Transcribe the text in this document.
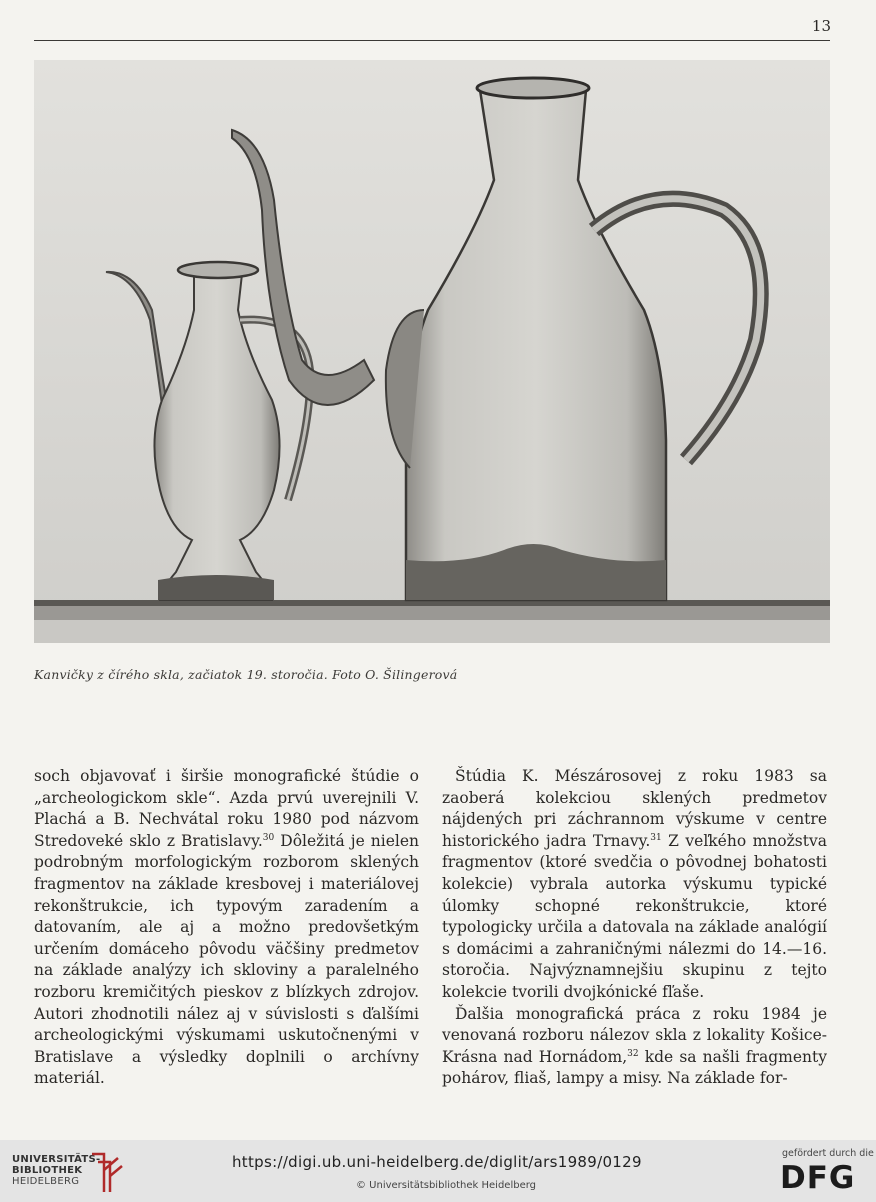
13
Kanvičky z čírého skla, začiatok 19. storočia. Foto O. Šilingerová

soch objavovať i širšie monografické štúdie o „archeologickom skle“. Azda prvú uverejnili V. Plachá a B. Nechvátal roku 1980 pod názvom Stredoveké sklo z Bratislavy.$^{30}$ Dôležitá je nielen podrobným morfologickým rozborom sklených fragmentov na základe kresbovej i materiálovej rekonštrukcie, ich typovým zaradením a datovaním, ale aj a možno predovšetkým určením domáceho pôvodu väčšiny predmetov na základe analýzy ich skloviny a paralelného rozboru kremičitých pieskov z blízkych zdrojov. Autori zhodnotili nález aj v súvislosti s ďalšími archeologickými výskumami uskutočnenými v Bratislave a výsledky doplnili o archívny materiál.

Štúdia K. Mészárosovej z roku 1983 sa zaoberá kolekciou sklených predmetov nájdených pri záchrannom výskume v centre historického jadra Trnavy.$^{31}$ Z veľkého množstva fragmentov (ktoré svedčia o pôvodnej bohatosti kolekcie) vybrala autorka výskumu typické úlomky schopné rekonštrukcie, ktoré typologicky určila a datovala na základe analógií s domácimi a zahraničnými nálezmi do 14.—16. storočia. Najvýznamnejšiu skupinu z tejto kolekcie tvorili dvojkónické fľaše.

Ďalšia monografická práca z roku 1984 je venovaná rozboru nálezov skla z lokality Košice-Krásna nad Hornádom,$^{32}$ kde sa našli fragmenty pohárov, fliaš, lampy a misy. Na základe for-

UNIVERSITÄTS-
BIBLIOTHEK
HEIDELBERG
https://digi.ub.uni-heidelberg.de/diglit/ars1989/0129
© Universitätsbibliothek Heidelberg
gefördert durch die
DFG
